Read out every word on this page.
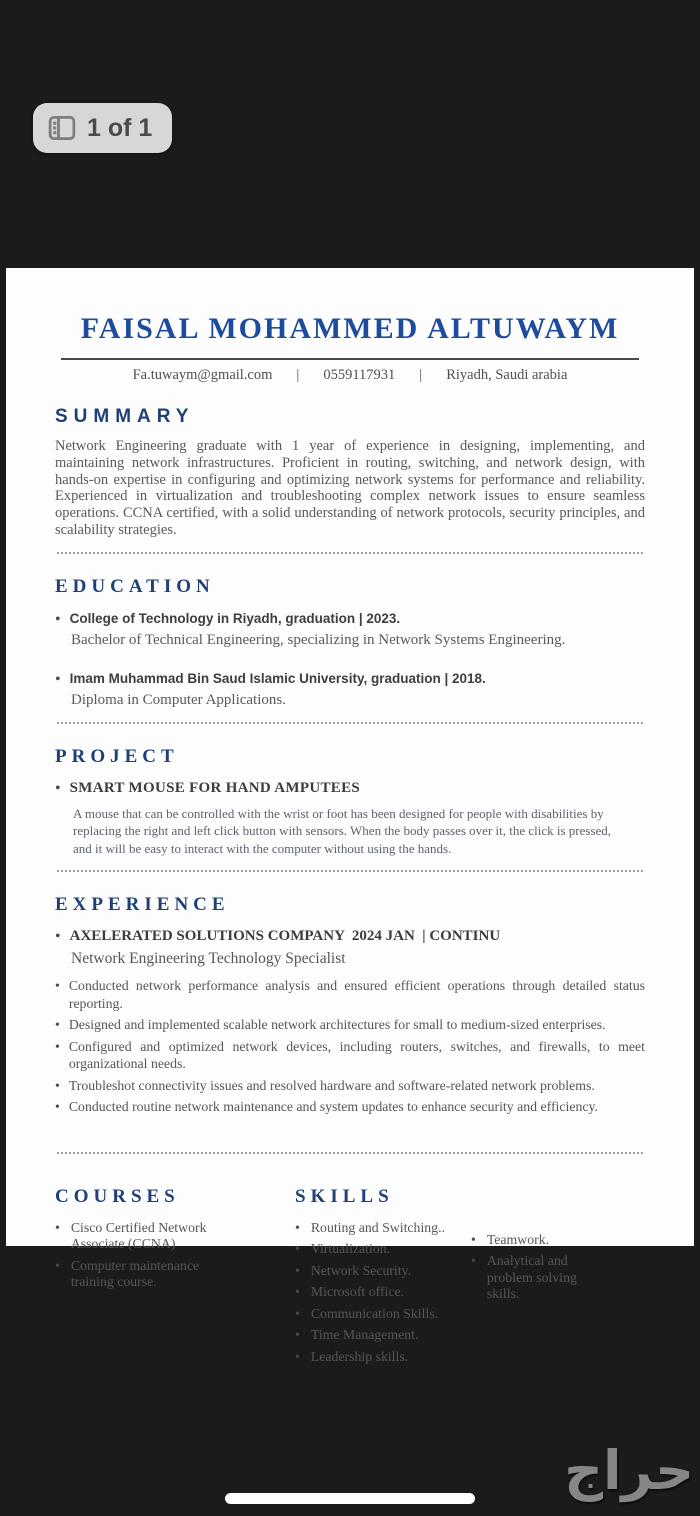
1 of 1
FAISAL MOHAMMED ALTUWAYM
Fa.tuwaym@gmail.com | 0559117931 | Riyadh, Saudi arabia
SUMMARY
Network Engineering graduate with 1 year of experience in designing, implementing, and maintaining network infrastructures. Proficient in routing, switching, and network design, with hands-on expertise in configuring and optimizing network systems for performance and reliability. Experienced in virtualization and troubleshooting complex network issues to ensure seamless operations. CCNA certified, with a solid understanding of network protocols, security principles, and scalability strategies.
EDUCATION
•
College of Technology in Riyadh, graduation | 2023.
Bachelor of Technical Engineering, specializing in Network Systems Engineering.
•
Imam Muhammad Bin Saud Islamic University, graduation | 2018.
Diploma in Computer Applications.
PROJECT
•
SMART MOUSE FOR HAND AMPUTEES
A mouse that can be controlled with the wrist or foot has been designed for people with disabilities by replacing the right and left click button with sensors. When the body passes over it, the click is pressed, and it will be easy to interact with the computer without using the hands.
EXPERIENCE
•
AXELERATED SOLUTIONS COMPANY  2024 JAN  | CONTINU
Network Engineering Technology Specialist
•
Conducted network performance analysis and ensured efficient operations through detailed status reporting.
•
Designed and implemented scalable network architectures for small to medium-sized enterprises.
•
Configured and optimized network devices, including routers, switches, and firewalls, to meet organizational needs.
•
Troubleshot connectivity issues and resolved hardware and software-related network problems.
•
Conducted routine network maintenance and system updates to enhance security and efficiency.
COURSES
•
Cisco Certified Network Associate (CCNA)
•
Computer maintenance training course.
SKILLS
•
Routing and Switching..
•
Virtualization.
•
Network Security.
•
Microsoft office.
•
Communication Skills.
•
Time Management.
•
Leadership skills.
•
Teamwork.
•
Analytical and problem solving skills.
حراج
